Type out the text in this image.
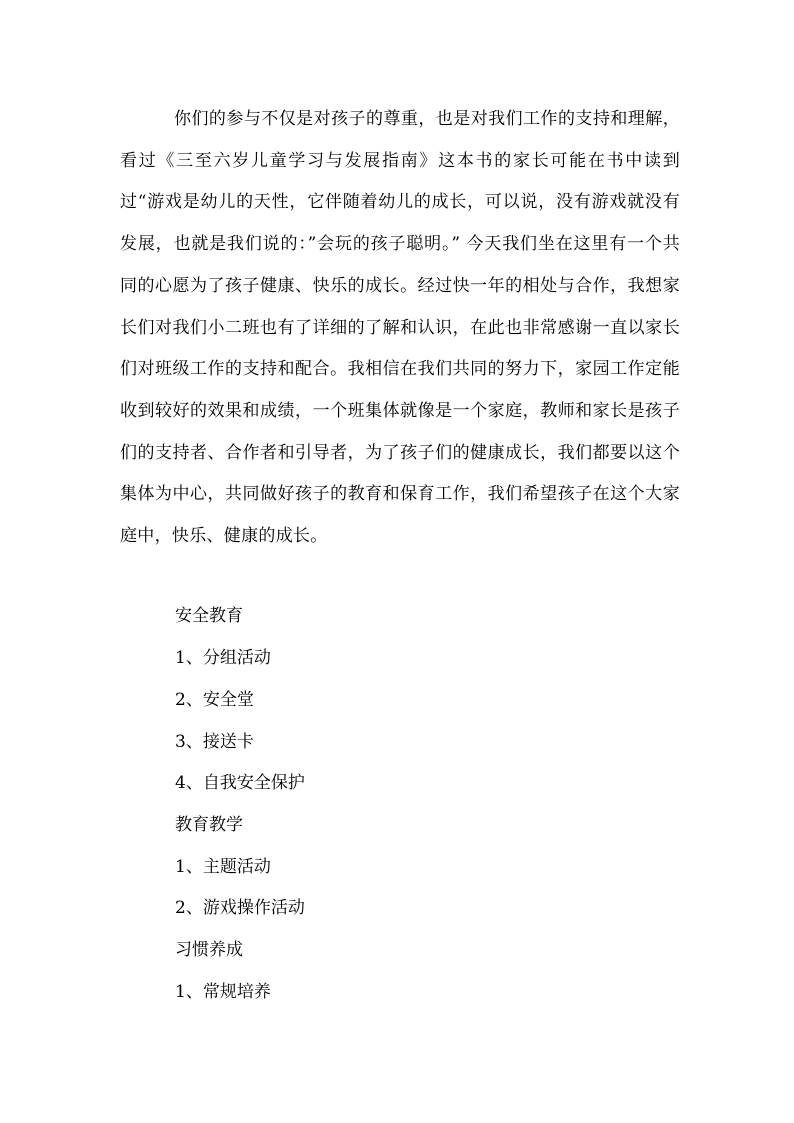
你们的参与不仅是对孩子的尊重，也是对我们工作的支持和理解，看过《三至六岁儿童学习与发展指南》这本书的家长可能在书中读到过“游戏是幼儿的天性，它伴随着幼儿的成长，可以说，没有游戏就没有发展，也就是我们说的：”会玩的孩子聪明。” 今天我们坐在这里有一个共同的心愿为了孩子健康、快乐的成长。经过快一年的相处与合作，我想家长们对我们小二班也有了详细的了解和认识，在此也非常感谢一直以家长们对班级工作的支持和配合。我相信在我们共同的努力下，家园工作定能收到较好的效果和成绩，一个班集体就像是一个家庭，教师和家长是孩子们的支持者、合作者和引导者，为了孩子们的健康成长，我们都要以这个集体为中心，共同做好孩子的教育和保育工作，我们希望孩子在这个大家庭中，快乐、健康的成长。

安全教育
1、分组活动
2、安全堂
3、接送卡
4、自我安全保护
教育教学
1、主题活动
2、游戏操作活动
习惯养成
1、常规培养
